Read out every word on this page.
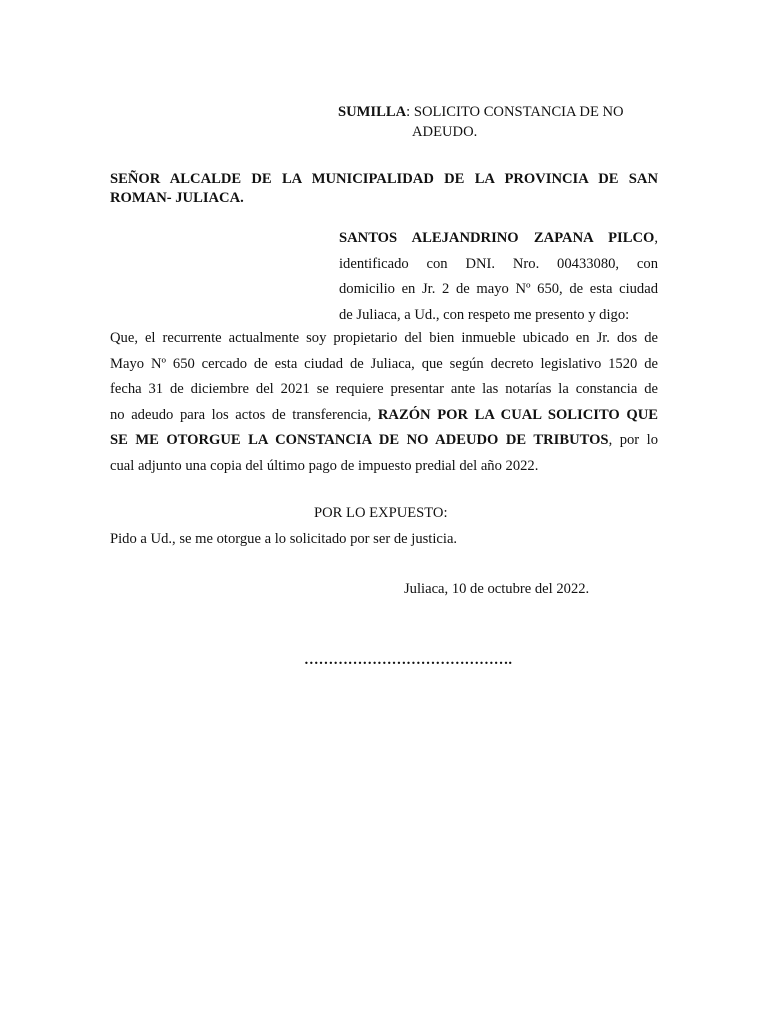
SUMILLA: SOLICITO CONSTANCIA DE NO
ADEUDO.
SEÑOR ALCALDE DE LA MUNICIPALIDAD DE LA PROVINCIA DE SAN
ROMAN- JULIACA.
SANTOS ALEJANDRINO ZAPANA PILCO,
identificado con DNI. Nro. 00433080, con
domicilio en Jr. 2 de mayo Nº 650, de esta ciudad
de Juliaca, a Ud., con respeto me presento y digo:
Que, el recurrente actualmente soy propietario del bien inmueble ubicado en Jr. dos de
Mayo Nº 650 cercado de esta ciudad de Juliaca, que según decreto legislativo 1520 de
fecha 31 de diciembre del 2021 se requiere presentar ante las notarías la constancia de
no adeudo para los actos de transferencia, RAZÓN POR LA CUAL SOLICITO QUE
SE ME OTORGUE LA CONSTANCIA DE NO ADEUDO DE TRIBUTOS, por lo
cual adjunto una copia del último pago de impuesto predial del año 2022.
POR LO EXPUESTO:
Pido a Ud., se me otorgue a lo solicitado por ser de justicia.
Juliaca, 10 de octubre del 2022.
…………………………………….
